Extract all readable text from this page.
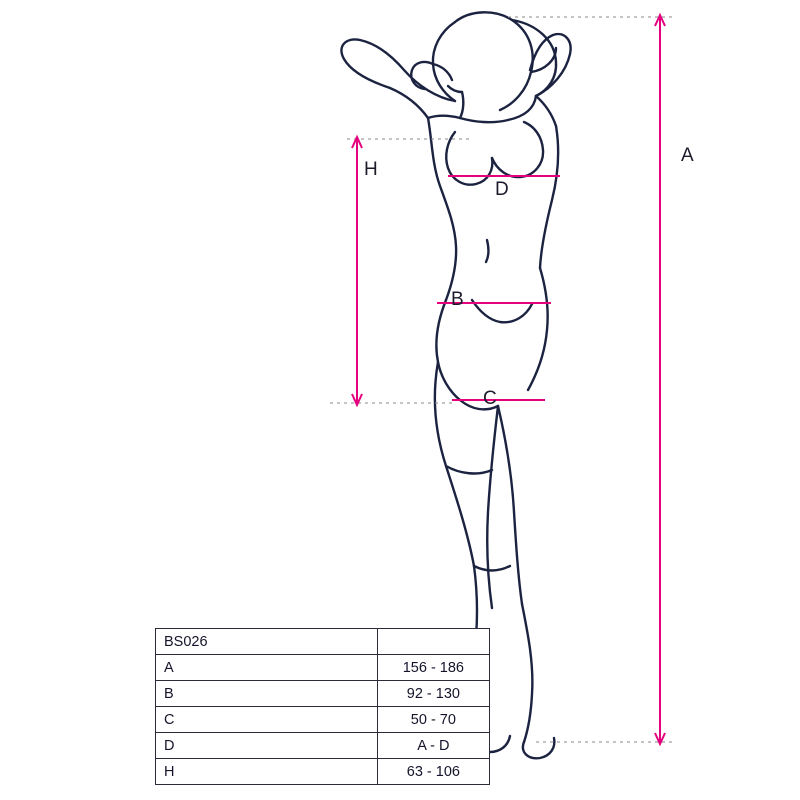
A
H
D
B
C
BS026	
A	156 - 186
B	92 - 130
C	50 - 70
D	A - D
H	63 - 106
